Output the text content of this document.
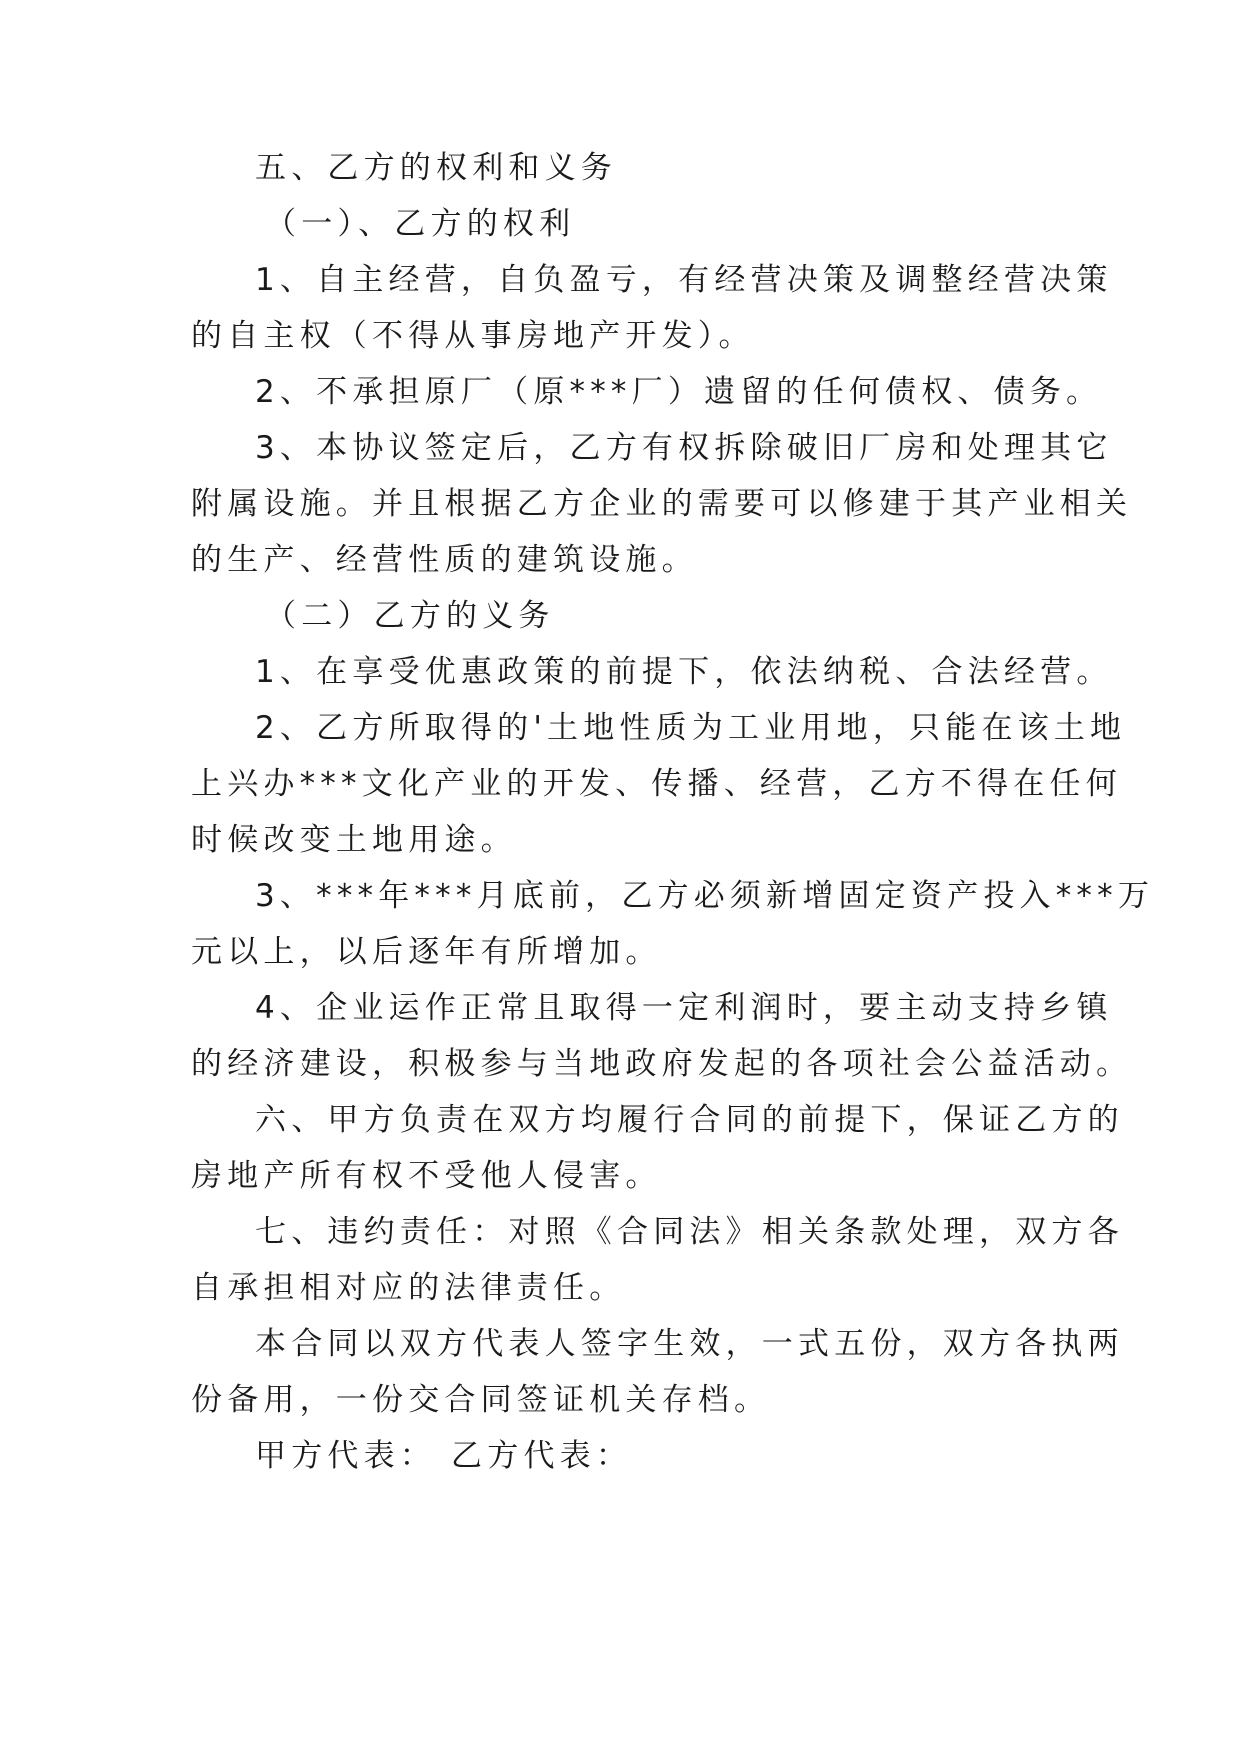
五、乙方的权利和义务
（一）、乙方的权利
1、自主经营，自负盈亏，有经营决策及调整经营决策
的自主权（不得从事房地产开发）。
2、不承担原厂（原***厂）遗留的任何债权、债务。
3、本协议签定后，乙方有权拆除破旧厂房和处理其它
附属设施。并且根据乙方企业的需要可以修建于其产业相关
的生产、经营性质的建筑设施。
（二）乙方的义务
1、在享受优惠政策的前提下，依法纳税、合法经营。
2、乙方所取得的'土地性质为工业用地，只能在该土地
上兴办***文化产业的开发、传播、经营，乙方不得在任何
时候改变土地用途。
3、***年***月底前，乙方必须新增固定资产投入***万
元以上，以后逐年有所增加。
4、企业运作正常且取得一定利润时，要主动支持乡镇
的经济建设，积极参与当地政府发起的各项社会公益活动。
六、甲方负责在双方均履行合同的前提下，保证乙方的
房地产所有权不受他人侵害。
七、违约责任：对照《合同法》相关条款处理，双方各
自承担相对应的法律责任。
本合同以双方代表人签字生效，一式五份，双方各执两
份备用，一份交合同签证机关存档。
甲方代表： 乙方代表：
